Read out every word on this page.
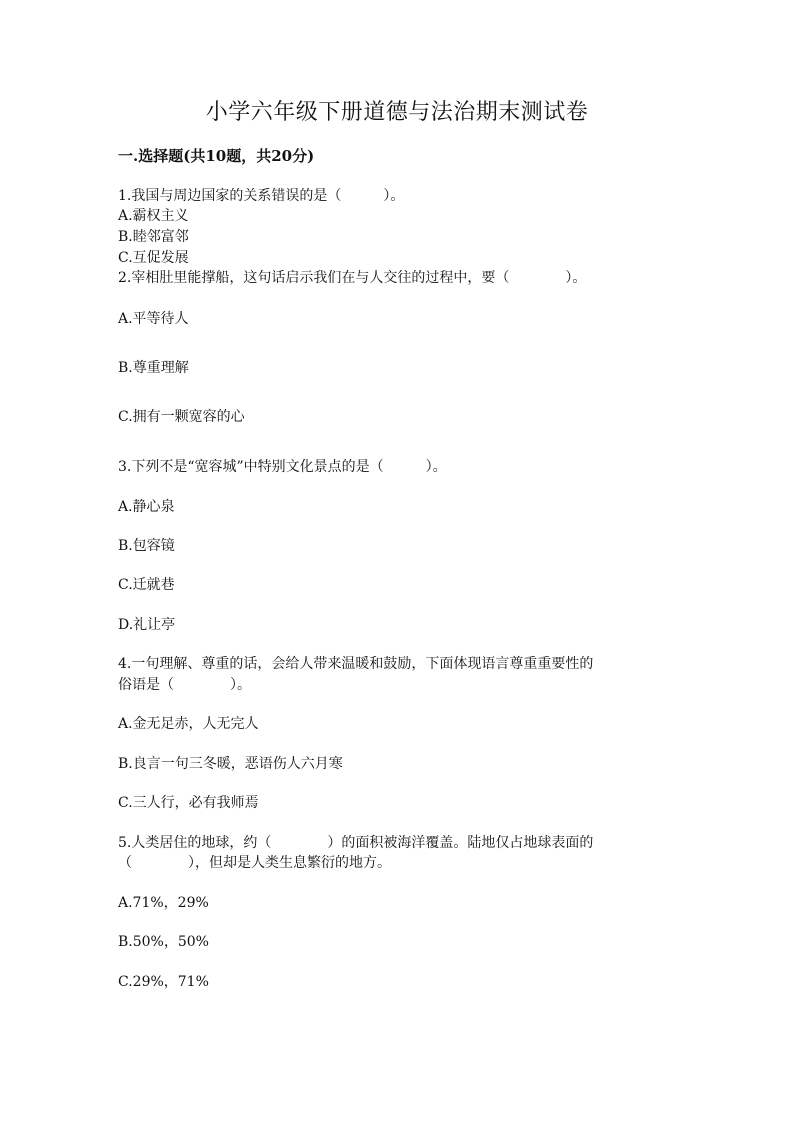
小学六年级下册道德与法治期末测试卷
一.选择题(共10题，共20分)
1.我国与周边国家的关系错误的是（　　　）。
A.霸权主义
B.睦邻富邻
C.互促发展
2.宰相肚里能撑船，这句话启示我们在与人交往的过程中，要（　　　　）。
A.平等待人
B.尊重理解
C.拥有一颗宽容的心
3.下列不是“宽容城”中特别文化景点的是（　　　）。
A.静心泉
B.包容镜
C.迁就巷
D.礼让亭
4.一句理解、尊重的话，会给人带来温暖和鼓励，下面体现语言尊重重要性的
俗语是（　　　　）。
A.金无足赤，人无完人
B.良言一句三冬暖，恶语伤人六月寒
C.三人行，必有我师焉
5.人类居住的地球，约（　　　　）的面积被海洋覆盖。陆地仅占地球表面的
（　　　　），但却是人类生息繁衍的地方。
A.71%，29%
B.50%，50%
C.29%，71%
